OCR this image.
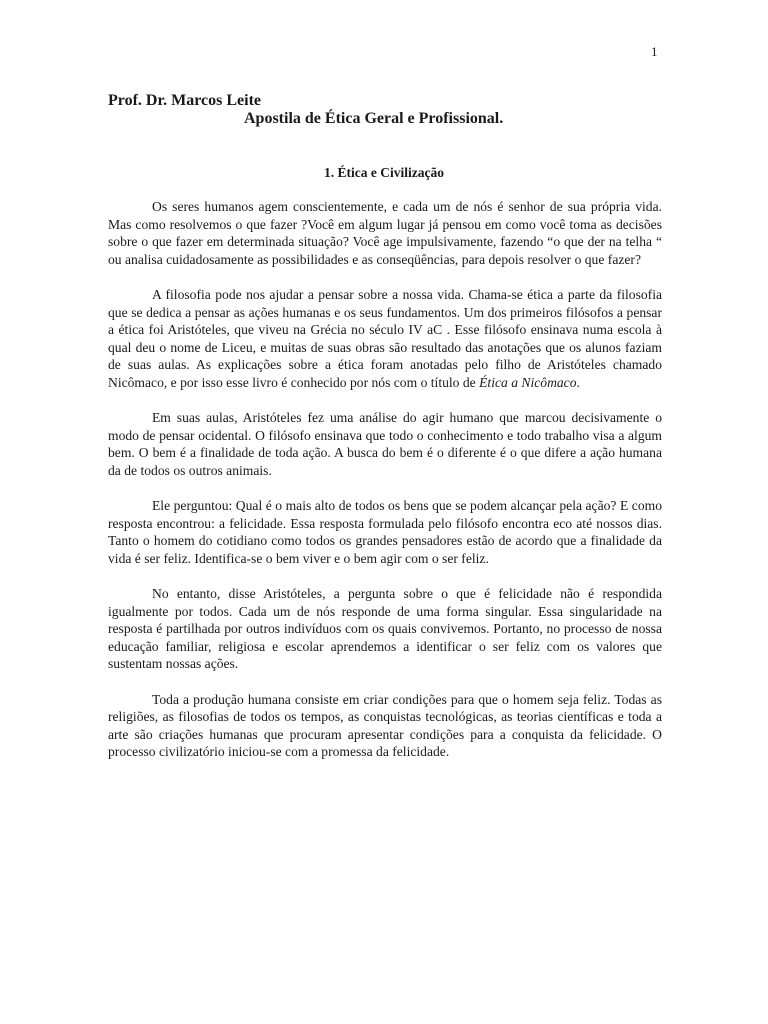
1
Prof. Dr. Marcos Leite
Apostila de Ética Geral e Profissional.
1. Ética e Civilização

Os seres humanos agem conscientemente, e cada um de nós é senhor de sua própria vida. Mas como resolvemos o que fazer ?Você em algum lugar já pensou em como você toma as decisões sobre o que fazer em determinada situação? Você age impulsivamente, fazendo “o que der na telha “ ou analisa cuidadosamente as possibilidades e as conseqüências, para depois resolver o que fazer?

A filosofia pode nos ajudar a pensar sobre a nossa vida. Chama-se ética a parte da filosofia que se dedica a pensar as ações humanas e os seus fundamentos. Um dos primeiros filósofos a pensar a ética foi Aristóteles, que viveu na Grécia no século IV aC . Esse filósofo ensinava numa escola à qual deu o nome de Liceu, e muitas de suas obras são resultado das anotações que os alunos faziam de suas aulas. As explicações sobre a ética foram anotadas pelo filho de Aristóteles chamado Nicômaco, e por isso esse livro é conhecido por nós com o título de Ética a Nicômaco.

Em suas aulas, Aristóteles fez uma análise do agir humano que marcou decisivamente o modo de pensar ocidental. O filósofo ensinava que todo o conhecimento e todo trabalho visa a algum bem. O bem é a finalidade de toda ação. A busca do bem é o diferente é o que difere a ação humana da de todos os outros animais.

Ele perguntou: Qual é o mais alto de todos os bens que se podem alcançar pela ação? E como resposta encontrou: a felicidade. Essa resposta formulada pelo filósofo encontra eco até nossos dias. Tanto o homem do cotidiano como todos os grandes pensadores estão de acordo que a finalidade da vida é ser feliz. Identifica-se o bem viver e o bem agir com o ser feliz.

No entanto, disse Aristóteles, a pergunta sobre o que é felicidade não é respondida igualmente por todos. Cada um de nós responde de uma forma singular. Essa singularidade na resposta é partilhada por outros indivíduos com os quais convivemos. Portanto, no processo de nossa educação familiar, religiosa e escolar aprendemos a identificar o ser feliz com os valores que sustentam nossas ações.

Toda a produção humana consiste em criar condições para que o homem seja feliz. Todas as religiões, as filosofias de todos os tempos, as conquistas tecnológicas, as teorias científicas e toda a arte são criações humanas que procuram apresentar condições para a conquista da felicidade. O processo civilizatório iniciou-se com a promessa da felicidade.
